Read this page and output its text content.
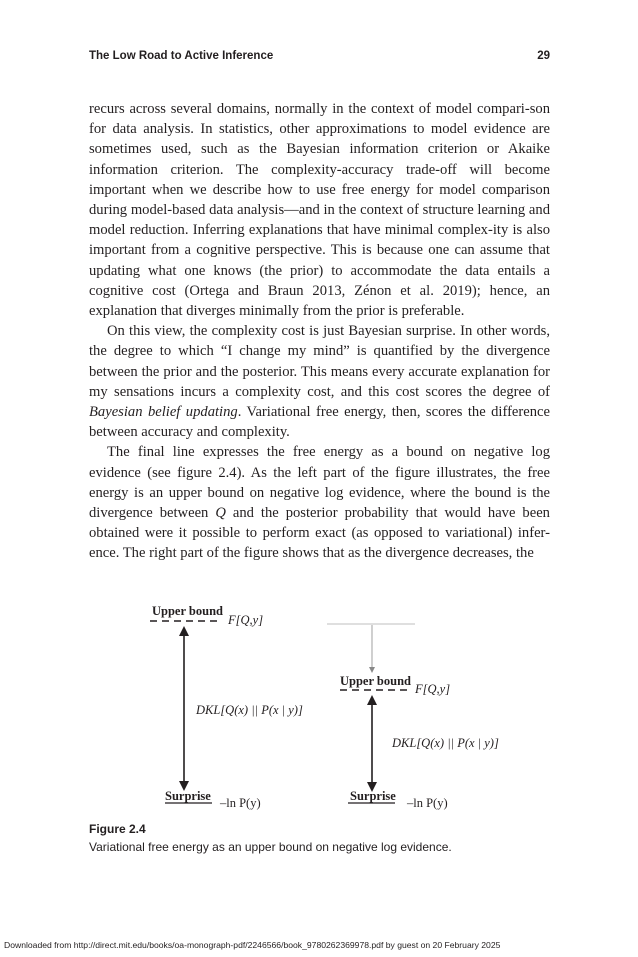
The Low Road to Active Inference	29

recurs across several domains, normally in the context of model compari-son for data analysis. In statistics, other approximations to model evidence are sometimes used, such as the Bayesian information criterion or Akaike information criterion. The complexity-accuracy trade-off will become important when we describe how to use free energy for model comparison during model-based data analysis—and in the context of structure learning and model reduction. Inferring explanations that have minimal complex-ity is also important from a cognitive perspective. This is because one can assume that updating what one knows (the prior) to accommodate the data entails a cognitive cost (Ortega and Braun 2013, Zénon et al. 2019); hence, an explanation that diverges minimally from the prior is preferable.

On this view, the complexity cost is just Bayesian surprise. In other words, the degree to which “I change my mind” is quantified by the divergence between the prior and the posterior. This means every accurate explanation for my sensations incurs a complexity cost, and this cost scores the degree of Bayesian belief updating. Variational free energy, then, scores the difference between accuracy and complexity.

The final line expresses the free energy as a bound on negative log evidence (see figure 2.4). As the left part of the figure illustrates, the free energy is an upper bound on negative log evidence, where the bound is the divergence between Q and the posterior probability that would have been obtained were it possible to perform exact (as opposed to variational) infer-ence. The right part of the figure shows that as the divergence decreases, the

Upper bound
F[Q,y]
DKL[Q(x) || P(x | y)]
Surprise –ln P(y)
Upper bound
F[Q,y]
DKL[Q(x) || P(x | y)]
Surprise –ln P(y)
Figure 2.4
Variational free energy as an upper bound on negative log evidence.
Downloaded from http://direct.mit.edu/books/oa-monograph-pdf/2246566/book_9780262369978.pdf by guest on 20 February 2025
